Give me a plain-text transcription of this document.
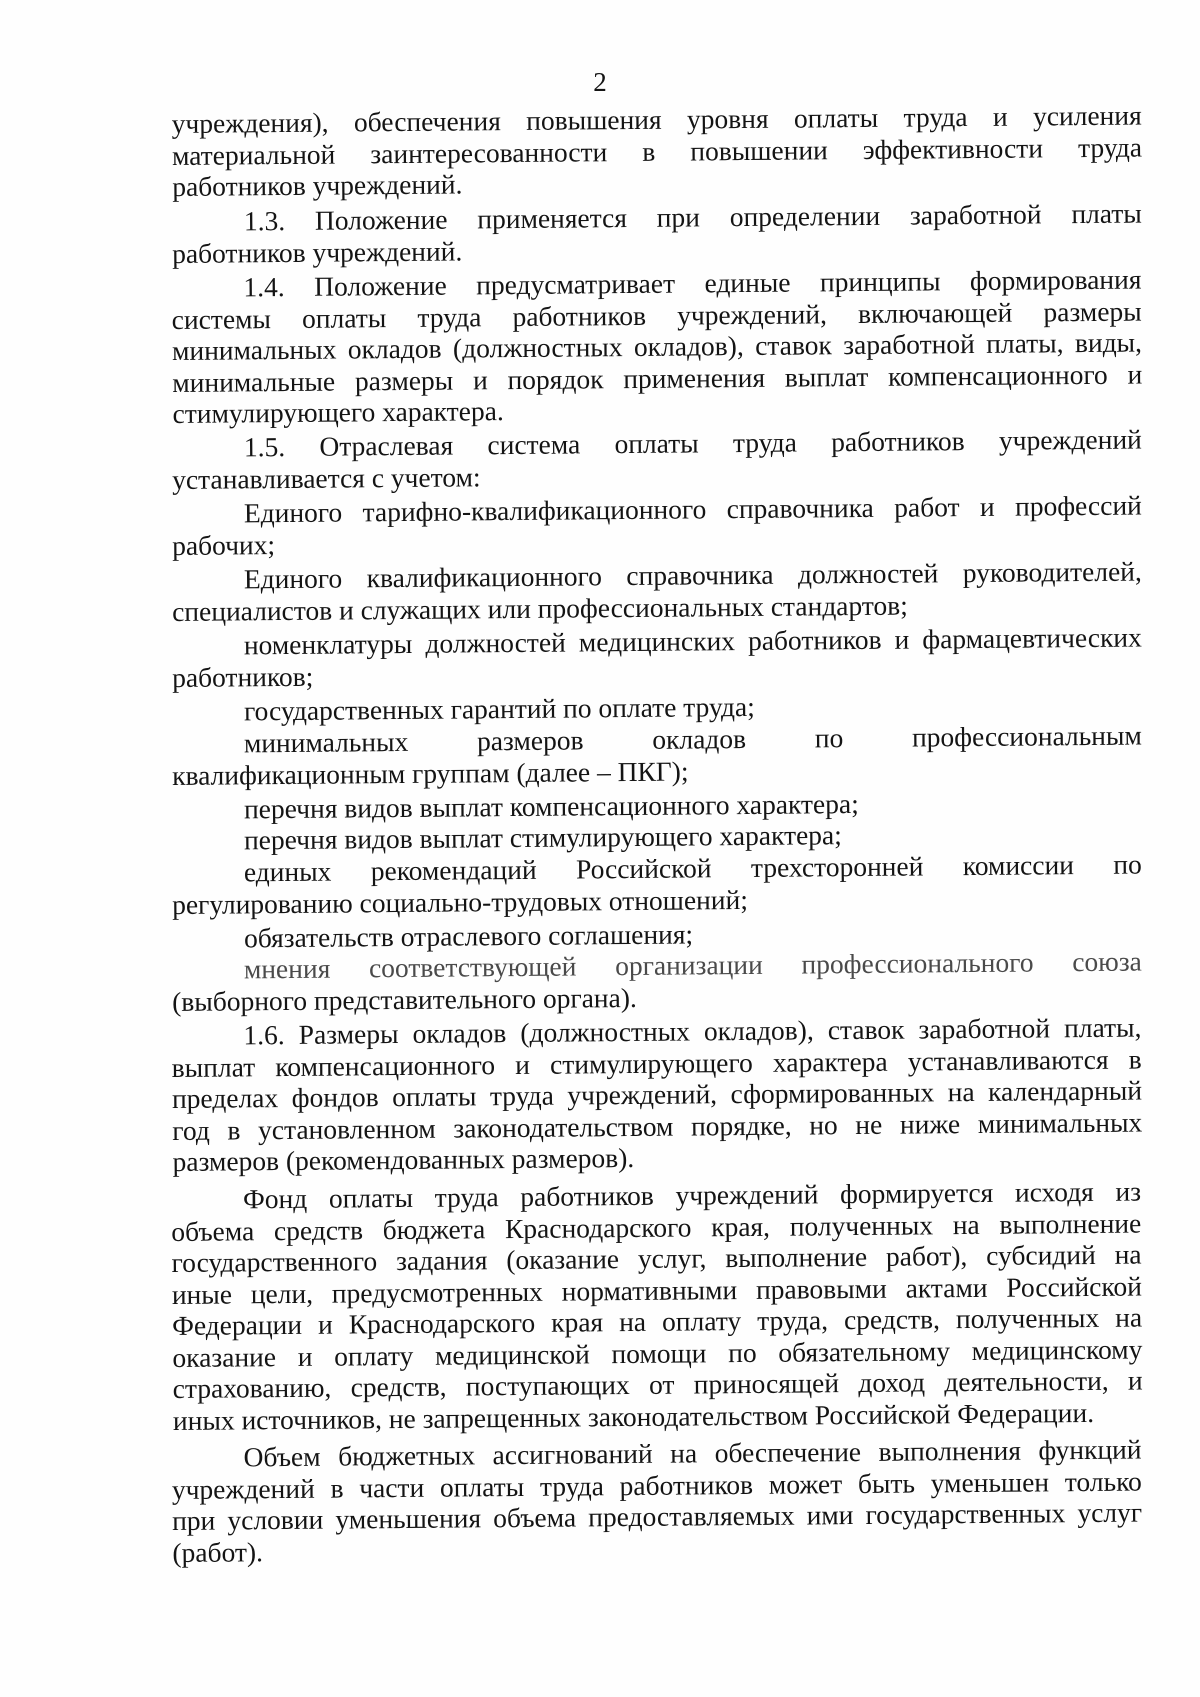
2
учреждения), обеспечения повышения уровня оплаты труда и усиления
материальной заинтересованности в повышении эффективности труда
работников учреждений.
1.3. Положение применяется при определении заработной платы
работников учреждений.
1.4. Положение предусматривает единые принципы формирования
системы оплаты труда работников учреждений, включающей размеры
минимальных окладов (должностных окладов), ставок заработной платы, виды,
минимальные размеры и порядок применения выплат компенсационного и
стимулирующего характера.
1.5. Отраслевая система оплаты труда работников учреждений
устанавливается с учетом:
Единого тарифно-квалификационного справочника работ и профессий
рабочих;
Единого квалификационного справочника должностей руководителей,
специалистов и служащих или профессиональных стандартов;
номенклатуры должностей медицинских работников и фармацевтических
работников;
государственных гарантий по оплате труда;
минимальных размеров окладов по профессиональным
квалификационным группам (далее – ПКГ);
перечня видов выплат компенсационного характера;
перечня видов выплат стимулирующего характера;
единых рекомендаций Российской трехсторонней комиссии по
регулированию социально-трудовых отношений;
обязательств отраслевого соглашения;
мнения соответствующей организации профессионального союза
(выборного представительного органа).
1.6. Размеры окладов (должностных окладов), ставок заработной платы,
выплат компенсационного и стимулирующего характера устанавливаются в
пределах фондов оплаты труда учреждений, сформированных на календарный
год в установленном законодательством порядке, но не ниже минимальных
размеров (рекомендованных размеров).
Фонд оплаты труда работников учреждений формируется исходя из
объема средств бюджета Краснодарского края, полученных на выполнение
государственного задания (оказание услуг, выполнение работ), субсидий на
иные цели, предусмотренных нормативными правовыми актами Российской
Федерации и Краснодарского края на оплату труда, средств, полученных на
оказание и оплату медицинской помощи по обязательному медицинскому
страхованию, средств, поступающих от приносящей доход деятельности, и
иных источников, не запрещенных законодательством Российской Федерации.
Объем бюджетных ассигнований на обеспечение выполнения функций
учреждений в части оплаты труда работников может быть уменьшен только
при условии уменьшения объема предоставляемых ими государственных услуг
(работ).
